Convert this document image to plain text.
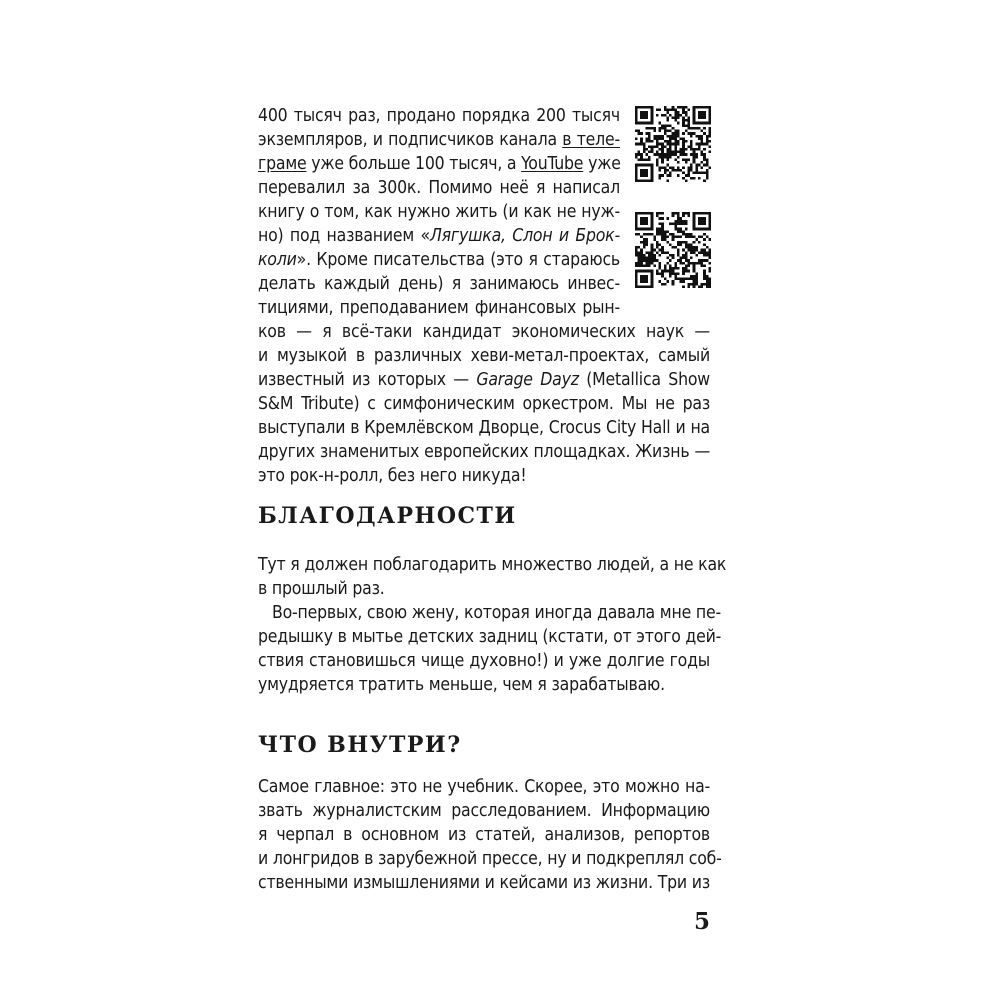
400 тысяч раз, продано порядка 200 тысяч
экземпляров, и подписчиков канала в теле-
граме уже больше 100 тысяч, а YouTube уже
перевалил за 300к. Помимо неё я написал
книгу о том, как нужно жить (и как не нуж-
но) под названием «Лягушка, Слон и Брок-
коли». Кроме писательства (это я стараюсь
делать каждый день) я занимаюсь инвес-
тициями, преподаванием финансовых рын-
ков — я всё-таки кандидат экономических наук —
и музыкой в различных хеви-метал-проектах, самый
известный из которых — Garage Dayz (Metallica Show
S&M Tribute) с симфоническим оркестром. Мы не раз
выступали в Кремлёвском Дворце, Crocus City Hall и на
других знаменитых европейских площадках. Жизнь —
это рок-н-ролл, без него никуда!
БЛАГОДАРНОСТИ
Тут я должен поблагодарить множество людей, а не как
в прошлый раз.
Во-первых, свою жену, которая иногда давала мне пе-
редышку в мытье детских задниц (кстати, от этого дей-
ствия становишься чище духовно!) и уже долгие годы
умудряется тратить меньше, чем я зарабатываю.
ЧТО ВНУТРИ?
Самое главное: это не учебник. Скорее, это можно на-
звать журналистским расследованием. Информацию
я черпал в основном из статей, анализов, репортов
и лонгридов в зарубежной прессе, ну и подкреплял соб-
ственными измышлениями и кейсами из жизни. Три из
5
